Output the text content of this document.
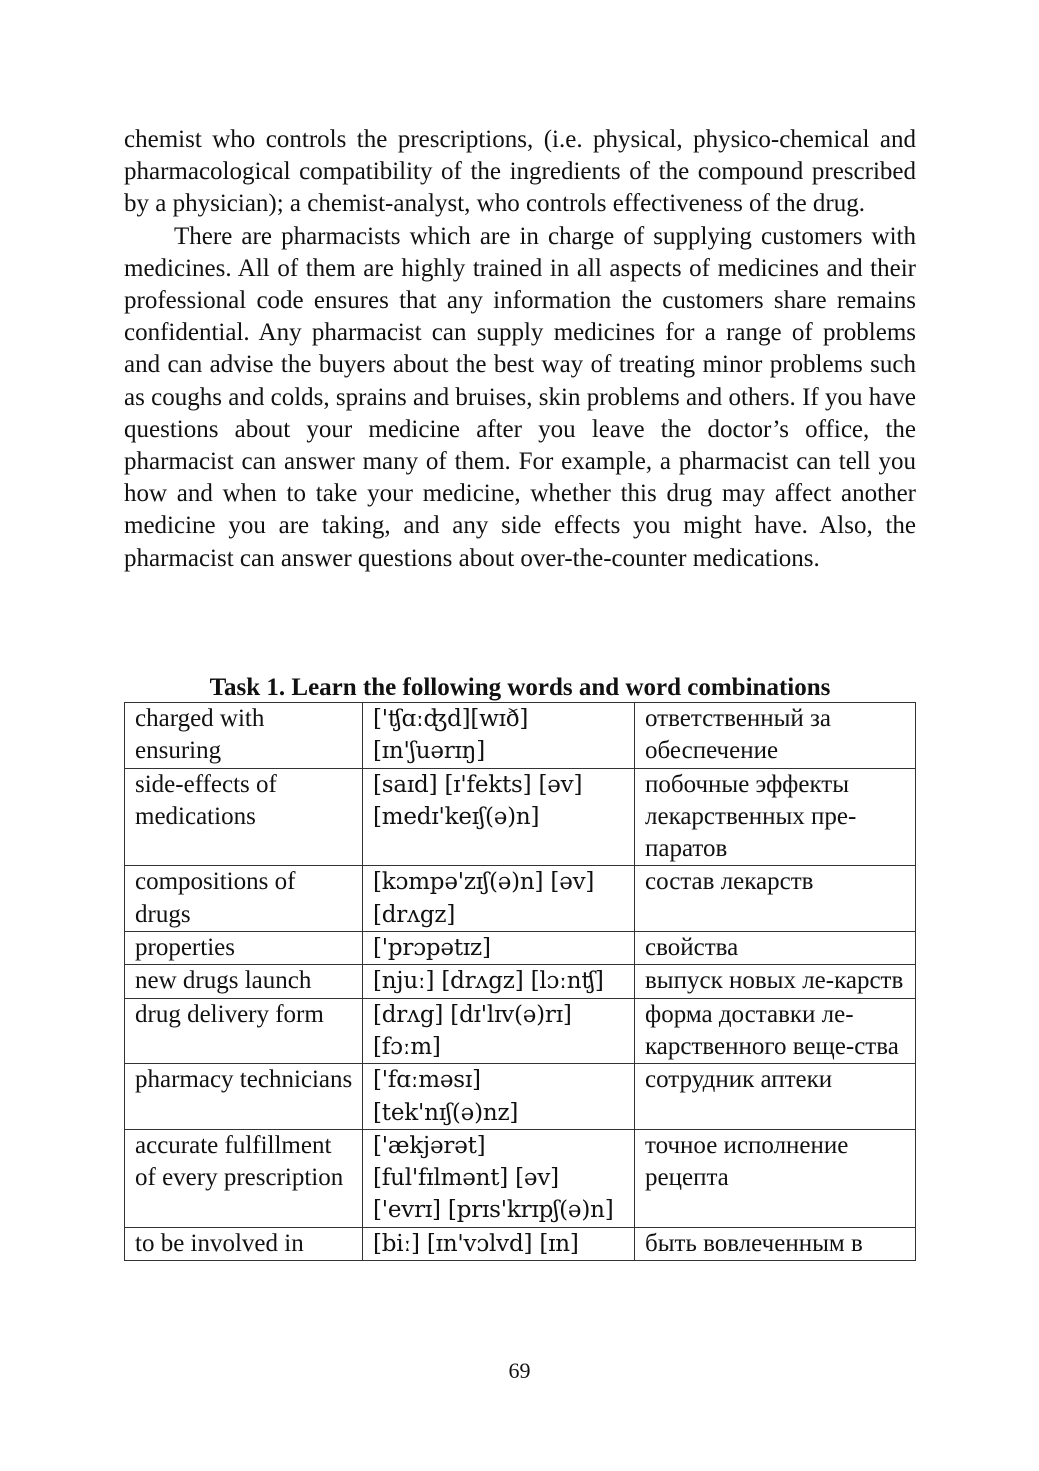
chemist who controls the prescriptions, (i.e. physical, physico-chemical and pharmacological compatibility of the ingredients of the compound prescribed by a physician); a chemist-analyst, who controls effectiveness of the drug.

There are pharmacists which are in charge of supplying customers with medicines. All of them are highly trained in all aspects of medicines and their professional code ensures that any information the customers share remains confidential. Any pharmacist can supply medicines for a range of problems and can advise the buyers about the best way of treating minor problems such as coughs and colds, sprains and bruises, skin problems and others. If you have questions about your medicine after you leave the doctor’s office, the pharmacist can answer many of them. For example, a pharmacist can tell you how and when to take your medicine, whether this drug may affect another medicine you are taking, and any side effects you might have. Also, the pharmacist can answer questions about over-the-counter medications.

Task 1. Learn the following words and word combinations
charged with ensuring	['ʧɑːʤd][wɪð] [ɪn'ʃuərɪŋ]	ответственный за обеспечение
side-effects of medications	[saɪd] [ɪ'fekts] [əv] [medɪ'keɪʃ(ə)n]	побочные эффекты лекарственных пре-паратов
compositions of drugs	[kɔmpə'zɪʃ(ə)n] [əv] [drʌgz]	состав лекарств
properties	['prɔpətɪz]	свойства
new drugs launch	[njuː] [drʌgz] [lɔːnʧ]	выпуск новых ле-карств
drug delivery form	[drʌg] [dɪ'lɪv(ə)rɪ] [fɔːm]	форма доставки ле-карственного веще-ства
pharmacy technicians	['fɑːməsɪ] [tek'nɪʃ(ə)nz]	сотрудник аптеки
accurate fulfillment of every prescription	['ækjərət] [ful'fɪlmənt] [əv] ['evrɪ] [prɪs'krɪpʃ(ə)n]	точное исполнение рецепта
to be involved in	[biː] [ɪn'vɔlvd] [ɪn]	быть вовлеченным в
69
